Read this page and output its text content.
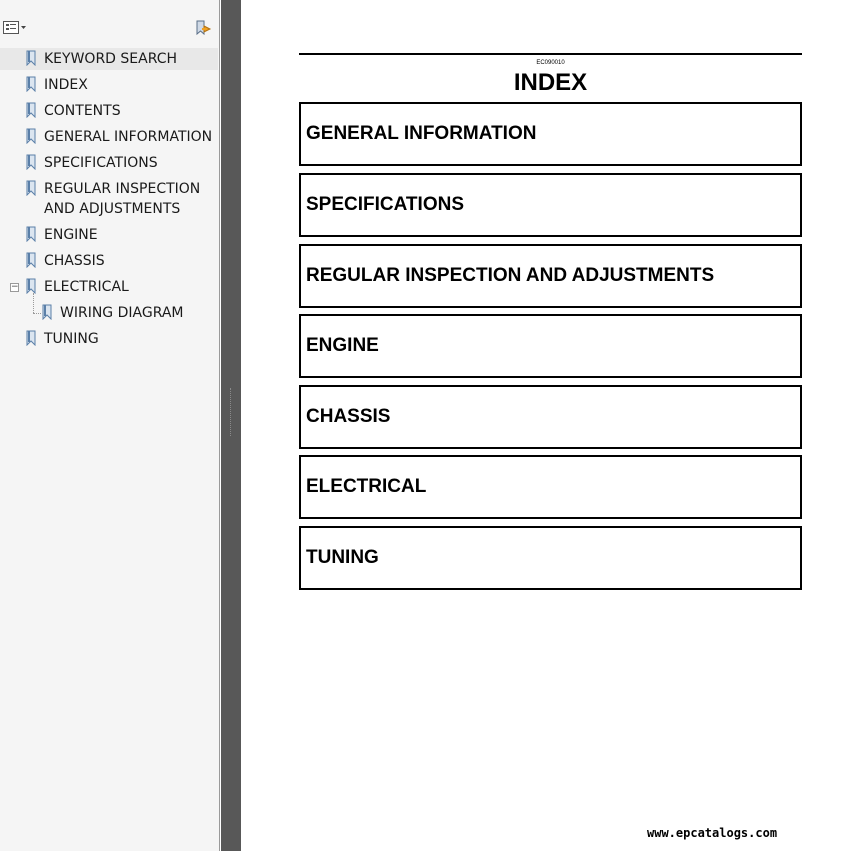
KEYWORD SEARCH
INDEX
CONTENTS
GENERAL INFORMATION
SPECIFICATIONS
REGULAR INSPECTION
AND ADJUSTMENTS
ENGINE
CHASSIS
− ELECTRICAL
WIRING DIAGRAM
TUNING
EC090010
INDEX
GENERAL INFORMATION
SPECIFICATIONS
REGULAR INSPECTION AND ADJUSTMENTS
ENGINE
CHASSIS
ELECTRICAL
TUNING
www.epcatalogs.com
